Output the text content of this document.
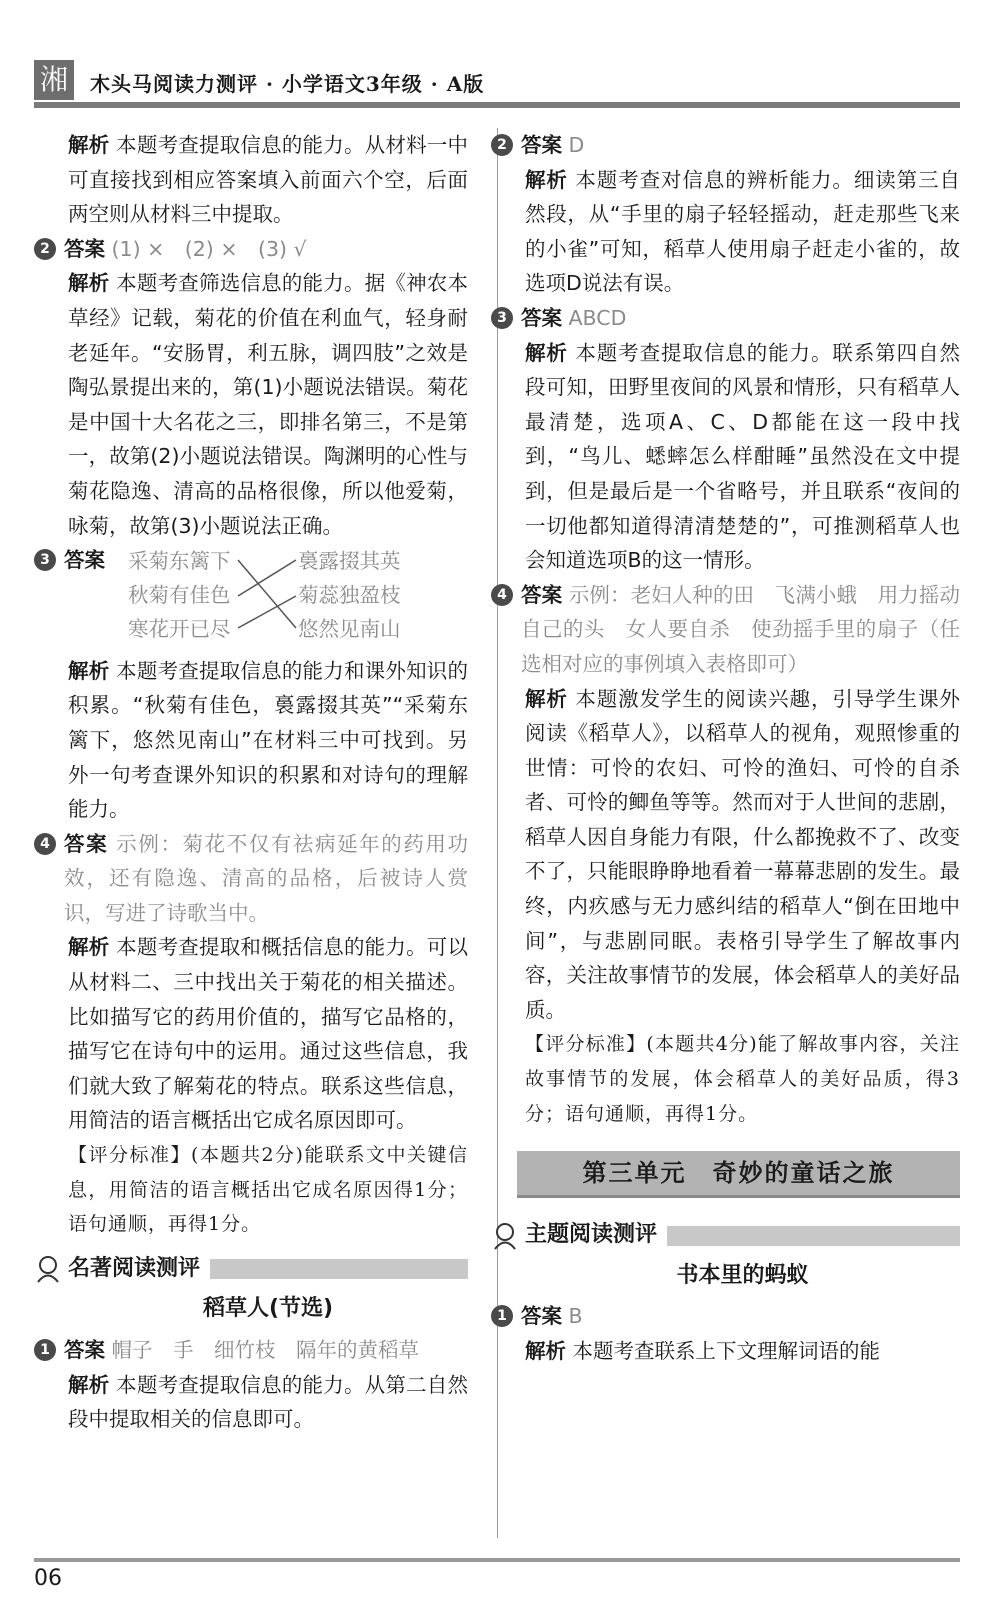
湘	木头马阅读力测评 · 小学语文3年级 · A版

解析 本题考查提取信息的能力。从材料一中可直接找到相应答案填入前面六个空，后面两空则从材料三中提取。

2 答案 (1) ×　(2) ×　(3) √

解析 本题考查筛选信息的能力。据《神农本草经》记载，菊花的价值在利血气，轻身耐老延年。“安肠胃，利五脉，调四肢”之效是陶弘景提出来的，第(1)小题说法错误。菊花是中国十大名花之三，即排名第三，不是第一，故第(2)小题说法错误。陶渊明的心性与菊花隐逸、清高的品格很像，所以他爱菊，咏菊，故第(3)小题说法正确。

3 答案 采菊东篱下
秋菊有佳色
寒花开已尽
裛露掇其英
菊蕊独盈枝
悠然见南山

解析 本题考查提取信息的能力和课外知识的积累。“秋菊有佳色，裛露掇其英”“采菊东篱下，悠然见南山”在材料三中可找到。另外一句考查课外知识的积累和对诗句的理解能力。

4 答案 示例：菊花不仅有祛病延年的药用功效，还有隐逸、清高的品格，后被诗人赏识，写进了诗歌当中。

解析 本题考查提取和概括信息的能力。可以从材料二、三中找出关于菊花的相关描述。比如描写它的药用价值的，描写它品格的，描写它在诗句中的运用。通过这些信息，我们就大致了解菊花的特点。联系这些信息，用简洁的语言概括出它成名原因即可。

【评分标准】(本题共2分)能联系文中关键信息，用简洁的语言概括出它成名原因得1分；语句通顺，再得1分。

名著阅读测评
稻草人(节选)
1 答案 帽子　手　细竹枝　隔年的黄稻草

解析 本题考查提取信息的能力。从第二自然段中提取相关的信息即可。

2 答案 D

解析 本题考查对信息的辨析能力。细读第三自然段，从“手里的扇子轻轻摇动，赶走那些飞来的小雀”可知，稻草人使用扇子赶走小雀的，故选项D说法有误。

3 答案 ABCD

解析 本题考查提取信息的能力。联系第四自然段可知，田野里夜间的风景和情形，只有稻草人最清楚，选项A、C、D都能在这一段中找到，“鸟儿、蟋蟀怎么样酣睡”虽然没在文中提到，但是最后是一个省略号，并且联系“夜间的一切他都知道得清清楚楚的”，可推测稻草人也会知道选项B的这一情形。

4 答案 示例：老妇人种的田　飞满小蛾　用力摇动自己的头　女人要自杀　使劲摇手里的扇子（任选相对应的事例填入表格即可）

解析 本题激发学生的阅读兴趣，引导学生课外阅读《稻草人》，以稻草人的视角，观照惨重的世情：可怜的农妇、可怜的渔妇、可怜的自杀者、可怜的鲫鱼等等。然而对于人世间的悲剧，稻草人因自身能力有限，什么都挽救不了、改变不了，只能眼睁睁地看着一幕幕悲剧的发生。最终，内疚感与无力感纠结的稻草人“倒在田地中间”，与悲剧同眠。表格引导学生了解故事内容，关注故事情节的发展，体会稻草人的美好品质。

【评分标准】(本题共4分)能了解故事内容，关注故事情节的发展，体会稻草人的美好品质，得3分；语句通顺，再得1分。

第三单元　奇妙的童话之旅
主题阅读测评
书本里的蚂蚁
1 答案 B

解析 本题考查联系上下文理解词语的能

06
